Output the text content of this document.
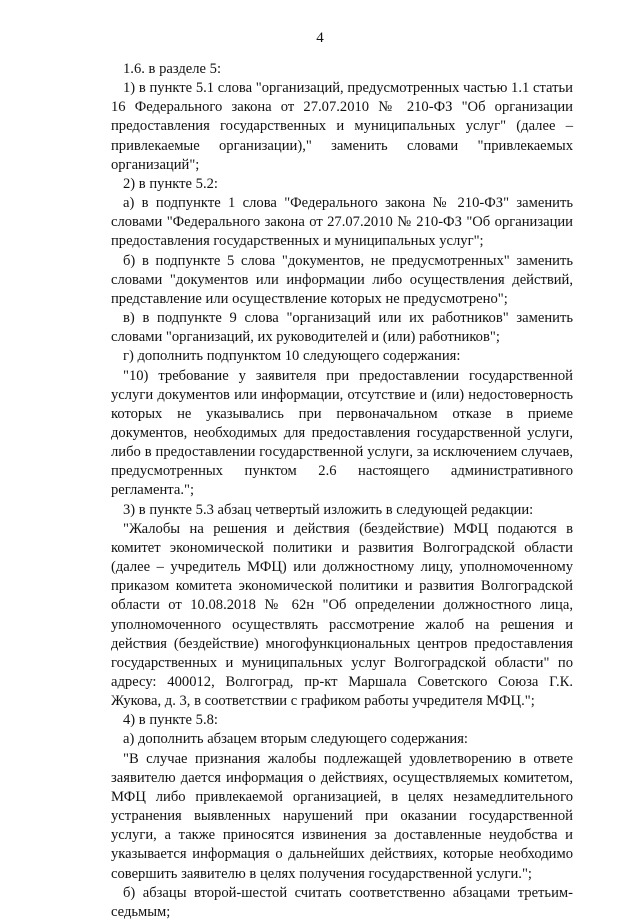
4

1.6. в разделе 5:

1) в пункте 5.1 слова "организаций, предусмотренных частью 1.1 статьи 16 Федерального закона от 27.07.2010 № 210-ФЗ "Об организации предоставления государственных и муниципальных услуг" (далее – привлекаемые организации)," заменить словами "привлекаемых организаций";

2) в пункте 5.2:

а) в подпункте 1 слова "Федерального закона № 210-ФЗ" заменить словами "Федерального закона от 27.07.2010 № 210-ФЗ "Об организации предоставления государственных и муниципальных услуг";

б) в подпункте 5 слова "документов, не предусмотренных" заменить словами "документов или информации либо осуществления действий, представление или осуществление которых не предусмотрено";

в) в подпункте 9 слова "организаций или их работников" заменить словами "организаций, их руководителей и (или) работников";

г) дополнить подпунктом 10 следующего содержания:

"10) требование у заявителя при предоставлении государственной услуги документов или информации, отсутствие и (или) недостоверность которых не указывались при первоначальном отказе в приеме документов, необходимых для предоставления государственной услуги, либо в предоставлении государственной услуги, за исключением случаев, предусмотренных пунктом 2.6 настоящего административного регламента.";

3) в пункте 5.3 абзац четвертый изложить в следующей редакции:

"Жалобы на решения и действия (бездействие) МФЦ подаются в комитет экономической политики и развития Волгоградской области (далее – учредитель МФЦ) или должностному лицу, уполномоченному приказом комитета экономической политики и развития Волгоградской области от 10.08.2018 № 62н "Об определении должностного лица, уполномоченного осуществлять рассмотрение жалоб на решения и действия (бездействие) многофункциональных центров предоставления государственных и муниципальных услуг Волгоградской области" по адресу: 400012, Волгоград, пр-кт Маршала Советского Союза Г.К. Жукова, д. 3, в соответствии с графиком работы учредителя МФЦ.";

4) в пункте 5.8:

а) дополнить абзацем вторым следующего содержания:

"В случае признания жалобы подлежащей удовлетворению в ответе заявителю дается информация о действиях, осуществляемых комитетом, МФЦ либо привлекаемой организацией, в целях незамедлительного устранения выявленных нарушений при оказании государственной услуги, а также приносятся извинения за доставленные неудобства и указывается информация о дальнейших действиях, которые необходимо совершить заявителю в целях получения государственной услуги.";

б) абзацы второй-шестой считать соответственно абзацами третьим-седьмым;
